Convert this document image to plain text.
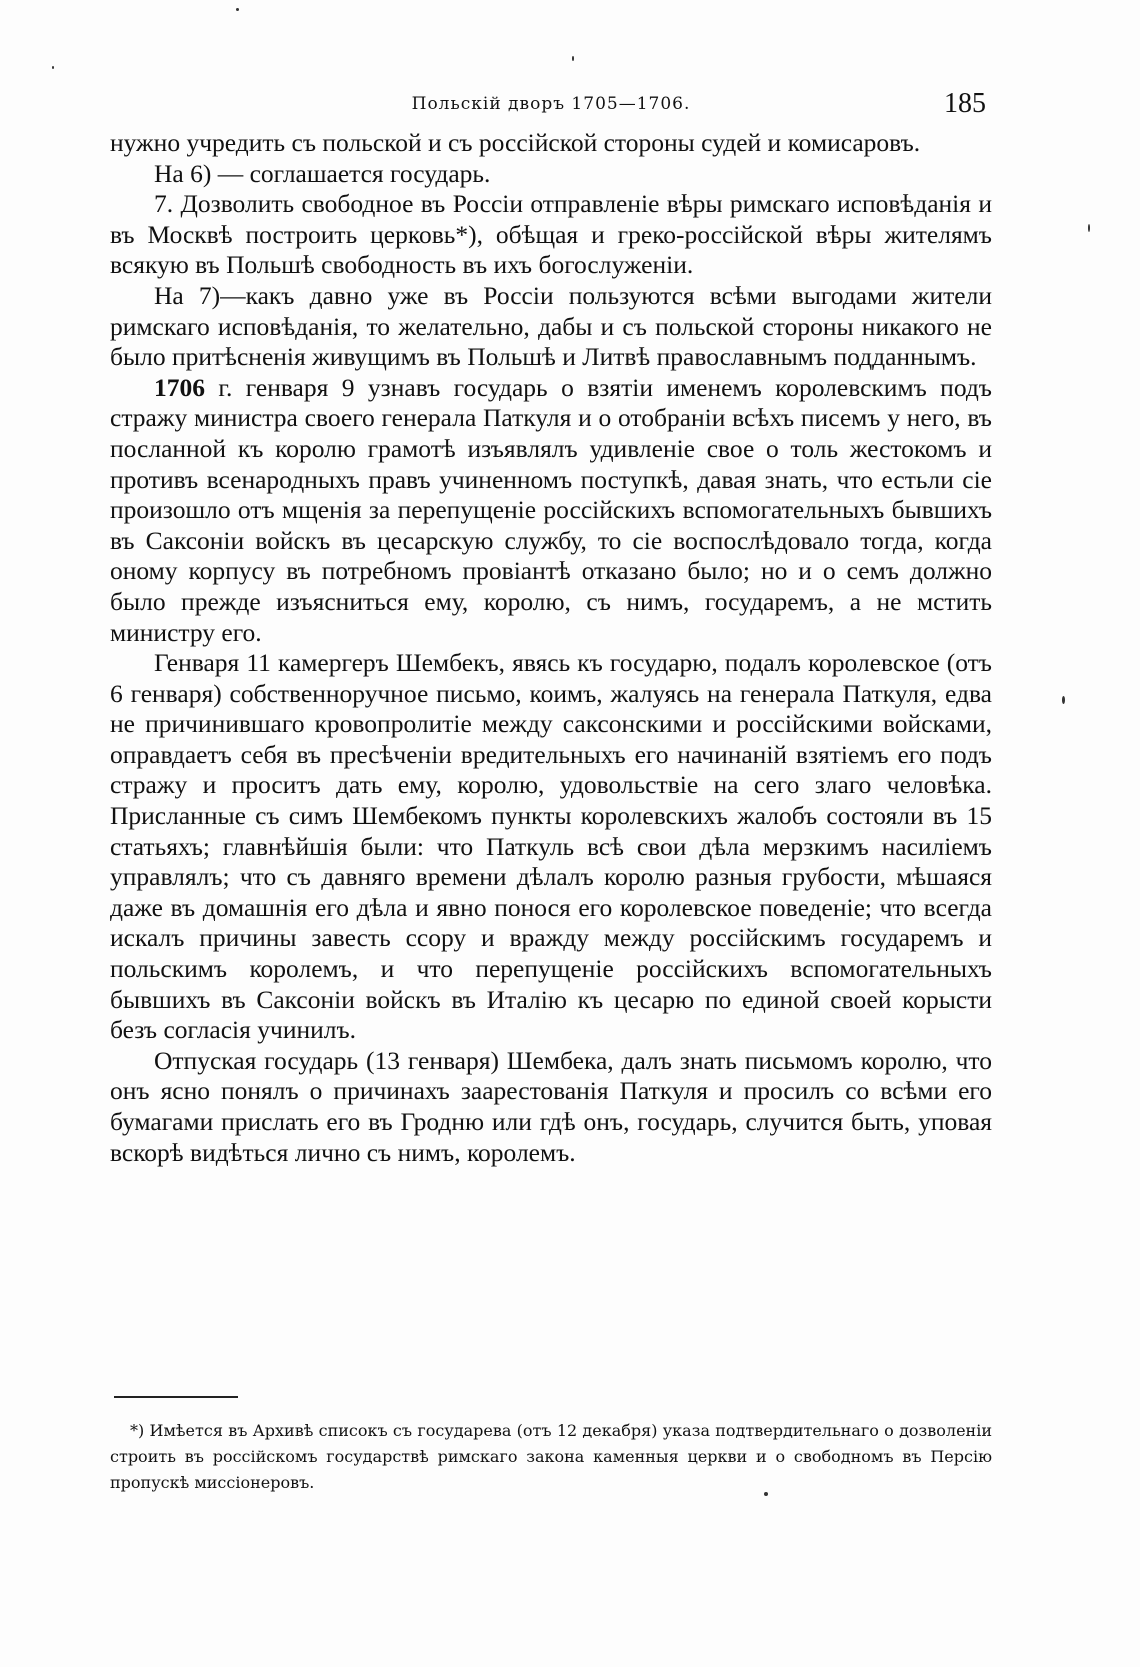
Польскій дворъ 1705—1706.	185

нужно учредить съ польской и съ россійской стороны судей и комисаровъ.

На 6) — соглашается государь.

7. Дозволить свободное въ Россіи отправленіе вѣры римскаго исповѣданія и въ Москвѣ построить церковь*), обѣщая и греко-россійской вѣры жителямъ всякую въ Польшѣ свободность въ ихъ богослуженіи.

На 7)—какъ давно уже въ Россіи пользуются всѣми выгодами жители римскаго исповѣданія, то желательно, дабы и съ польской стороны никакого не было притѣсненія живущимъ въ Польшѣ и Литвѣ православнымъ подданнымъ.

1706 г. генваря 9 узнавъ государь о взятіи именемъ королевскимъ подъ стражу министра своего генерала Паткуля и о отобраніи всѣхъ писемъ у него, въ посланной къ королю грамотѣ изъявлялъ удивленіе свое о толь жестокомъ и противъ всенародныхъ правъ учиненномъ поступкѣ, давая знать, что естьли сіе произошло отъ мщенія за перепущеніе россійскихъ вспомогательныхъ бывшихъ въ Саксоніи войскъ въ цесарскую службу, то сіе воспослѣдовало тогда, когда оному корпусу въ потребномъ провіантѣ отказано было; но и о семъ должно было прежде изъясниться ему, королю, съ нимъ, государемъ, а не мстить министру его.

Генваря 11 камергеръ Шембекъ, явясь къ государю, подалъ королевское (отъ 6 генваря) собственноручное письмо, коимъ, жалуясь на генерала Паткуля, едва не причинившаго кровопролитіе между саксонскими и россійскими войсками, оправдаетъ себя въ пресѣченіи вредительныхъ его начинаній взятіемъ его подъ стражу и проситъ дать ему, королю, удовольствіе на сего злаго человѣка. Присланные съ симъ Шембекомъ пункты королевскихъ жалобъ состояли въ 15 статьяхъ; главнѣйшія были: что Паткуль всѣ свои дѣла мерзкимъ насиліемъ управлялъ; что съ давняго времени дѣлалъ королю разныя грубости, мѣшаяся даже въ домашнія его дѣла и явно понося его королевское поведеніе; что всегда искалъ причины завесть ссору и вражду между россійскимъ государемъ и польскимъ королемъ, и что перепущеніе россійскихъ вспомогательныхъ бывшихъ въ Саксоніи войскъ въ Италію къ цесарю по единой своей корысти безъ согласія учинилъ.

Отпуская государь (13 генваря) Шембека, далъ знать письмомъ королю, что онъ ясно понялъ о причинахъ заарестованія Паткуля и просилъ со всѣми его бумагами прислать его въ Гродню или гдѣ онъ, государь, случится быть, уповая вскорѣ видѣться лично съ нимъ, королемъ.

*) Имѣется въ Архивѣ списокъ съ государева (отъ 12 декабря) указа подтвердительнаго о дозволеніи строить въ россійскомъ государствѣ римскаго закона каменныя церкви и о свободномъ въ Персію пропускѣ миссіонеровъ.
